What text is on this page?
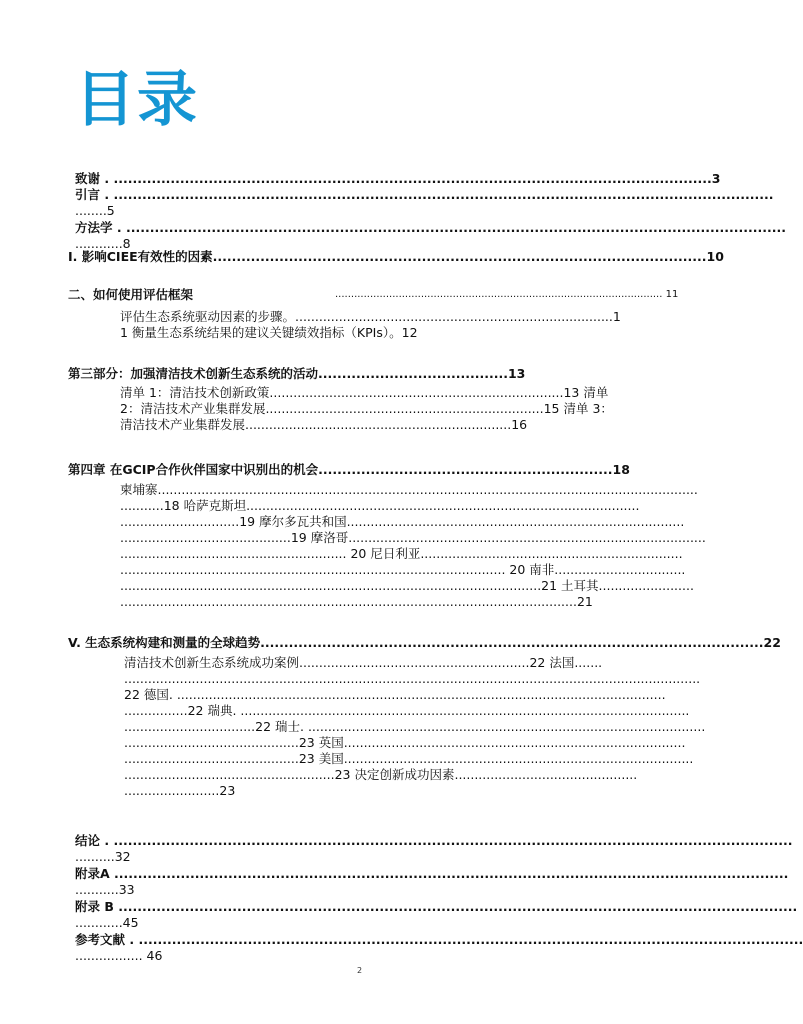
目录
致谢 . ..............................................................................................................................3
引言 . ...........................................................................................................................................
........5
方法学 . ...........................................................................................................................................
............8
I. 影响CIEE有效性的因素........................................................................................................10
二、如何使用评估框架	....................................................................................................... 11
评估生态系统驱动因素的步骤。................................................................................1
1 衡量生态系统结果的建议关键绩效指标（KPIs）。12
第三部分：加强清洁技术创新生态系统的活动........................................13
清单 1：清洁技术创新政策..........................................................................13 清单
2：清洁技术产业集群发展......................................................................15 清单 3：
清洁技术产业集群发展...................................................................16
第四章 在GCIP合作伙伴国家中识别出的机会..............................................................18
柬埔寨........................................................................................................................................
...........18 哈萨克斯坦...................................................................................................
..............................19 摩尔多瓦共和国.....................................................................................
...........................................19 摩洛哥..........................................................................................
......................................................... 20 尼日利亚..................................................................
................................................................................................. 20 南非.................................
..........................................................................................................21 土耳其........................
...................................................................................................................21
V. 生态系统构建和测量的全球趋势..........................................................................................................22
清洁技术创新生态系统成功案例..........................................................22 法国.......
.................................................................................................................................................
22 德国. ...........................................................................................................................
................22 瑞典. .................................................................................................................
.................................22 瑞士. ....................................................................................................
............................................23 英国......................................................................................
............................................23 美国........................................................................................
.....................................................23 决定创新成功因素..............................................
........................23
结论 . ...............................................................................................................................................
..........32
附录A ..............................................................................................................................................
...........33
附录 B ...............................................................................................................................................
............45
参考文献 . ............................................................................................................................................
................. 46
2
